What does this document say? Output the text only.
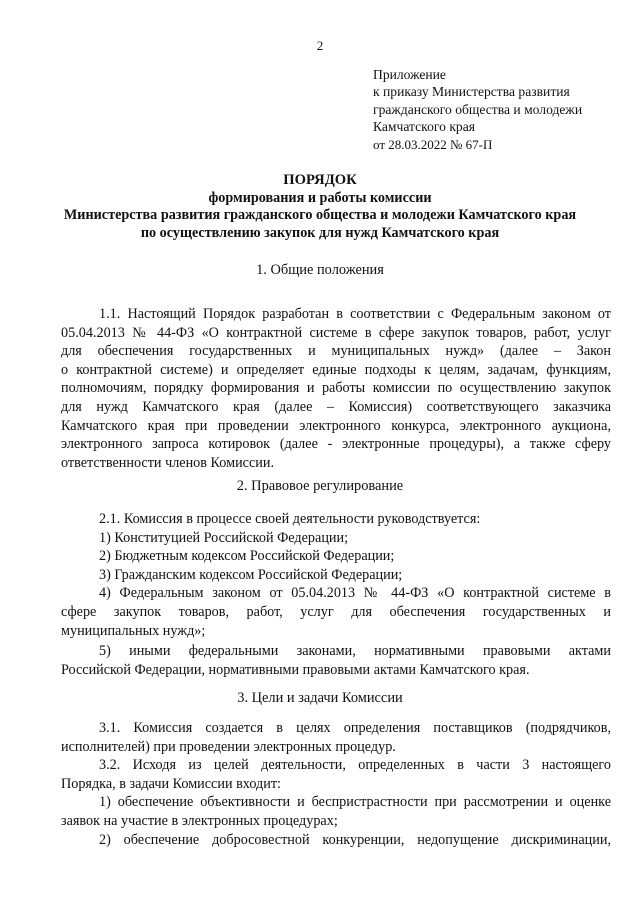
2
Приложение
к приказу Министерства развития
гражданского общества и молодежи
Камчатского края
от 28.03.2022 № 67-П
ПОРЯДОК
формирования и работы комиссии
Министерства развития гражданского общества и молодежи Камчатского края
по осуществлению закупок для нужд Камчатского края
1. Общие положения
1.1. Настоящий Порядок разработан в соответствии с Федеральным законом от
05.04.2013 № 44-ФЗ «О контрактной системе в сфере закупок товаров, работ, услуг
для обеспечения государственных и муниципальных нужд» (далее – Закон
о контрактной системе) и определяет единые подходы к целям, задачам, функциям,
полномочиям, порядку формирования и работы комиссии по осуществлению закупок
для нужд Камчатского края (далее – Комиссия) соответствующего заказчика
Камчатского края при проведении электронного конкурса, электронного аукциона,
электронного запроса котировок (далее - электронные процедуры), а также сферу
ответственности членов Комиссии.
2. Правовое регулирование
2.1. Комиссия в процессе своей деятельности руководствуется:
1) Конституцией Российской Федерации;
2) Бюджетным кодексом Российской Федерации;
3) Гражданским кодексом Российской Федерации;
4) Федеральным законом от 05.04.2013 № 44-ФЗ «О контрактной системе в
сфере закупок товаров, работ, услуг для обеспечения государственных и
муниципальных нужд»;
5) иными федеральными законами, нормативными правовыми актами
Российской Федерации, нормативными правовыми актами Камчатского края.
3. Цели и задачи Комиссии
3.1. Комиссия создается в целях определения поставщиков (подрядчиков,
исполнителей) при проведении электронных процедур.
3.2. Исходя из целей деятельности, определенных в части 3 настоящего
Порядка, в задачи Комиссии входит:
1) обеспечение объективности и беспристрастности при рассмотрении и оценке
заявок на участие в электронных процедурах;
2) обеспечение добросовестной конкуренции, недопущение дискриминации,
